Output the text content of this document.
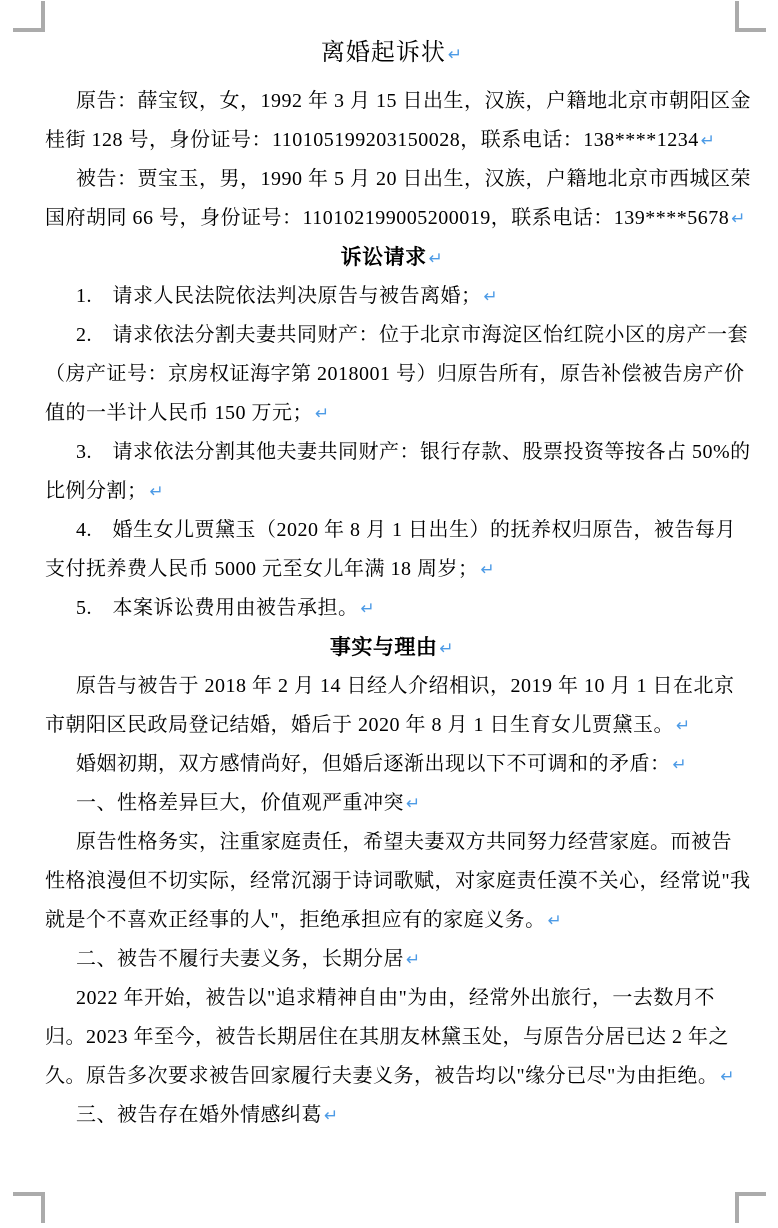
离婚起诉状 ↵
原告：薛宝钗，女，1992 年 3 月 15 日出生，汉族，户籍地北京市朝阳区金
桂街 128 号，身份证号：110105199203150028，联系电话：138****1234 ↵
被告：贾宝玉，男，1990 年 5 月 20 日出生，汉族，户籍地北京市西城区荣
国府胡同 66 号，身份证号：110102199005200019，联系电话：139****5678 ↵
诉讼请求 ↵
1.　请求人民法院依法判决原告与被告离婚； ↵
2.　请求依法分割夫妻共同财产：位于北京市海淀区怡红院小区的房产一套
（房产证号：京房权证海字第 2018001 号）归原告所有，原告补偿被告房产价
值的一半计人民币 150 万元； ↵
3.　请求依法分割其他夫妻共同财产：银行存款、股票投资等按各占 50%的
比例分割； ↵
4.　婚生女儿贾黛玉（2020 年 8 月 1 日出生）的抚养权归原告，被告每月
支付抚养费人民币 5000 元至女儿年满 18 周岁； ↵
5.　本案诉讼费用由被告承担。 ↵
事实与理由 ↵
原告与被告于 2018 年 2 月 14 日经人介绍相识，2019 年 10 月 1 日在北京
市朝阳区民政局登记结婚，婚后于 2020 年 8 月 1 日生育女儿贾黛玉。 ↵
婚姻初期，双方感情尚好，但婚后逐渐出现以下不可调和的矛盾： ↵
一、性格差异巨大，价值观严重冲突 ↵
原告性格务实，注重家庭责任，希望夫妻双方共同努力经营家庭。而被告
性格浪漫但不切实际，经常沉溺于诗词歌赋，对家庭责任漠不关心，经常说"我
就是个不喜欢正经事的人"，拒绝承担应有的家庭义务。 ↵
二、被告不履行夫妻义务，长期分居 ↵
2022 年开始，被告以"追求精神自由"为由，经常外出旅行，一去数月不
归。2023 年至今，被告长期居住在其朋友林黛玉处，与原告分居已达 2 年之
久。原告多次要求被告回家履行夫妻义务，被告均以"缘分已尽"为由拒绝。 ↵
三、被告存在婚外情感纠葛 ↵
